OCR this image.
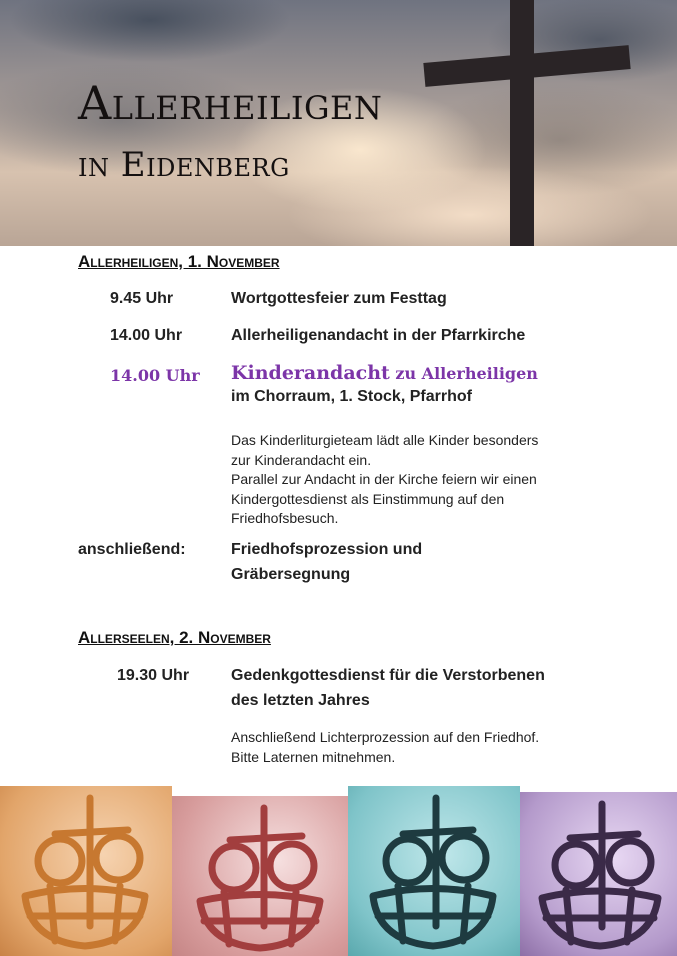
Allerheiligen
in Eidenberg
Allerheiligen, 1. November
9.45 Uhr	Wortgottesfeier zum Festtag
14.00 Uhr	Allerheiligenandacht in der Pfarrkirche
14.00 Uhr Kinderandacht zu Allerheiligen
im Chorraum, 1. Stock, Pfarrhof
Das Kinderliturgieteam lädt alle Kinder besonders
zur Kinderandacht ein.
Parallel zur Andacht in der Kirche feiern wir einen
Kindergottesdienst als Einstimmung auf den
Friedhofsbesuch.
anschließend:	Friedhofsprozession und
Gräbersegnung
Allerseelen, 2. November
19.30 Uhr	Gedenkgottesdienst für die Verstorbenen
des letzten Jahres
Anschließend Lichterprozession auf den Friedhof.
Bitte Laternen mitnehmen.
